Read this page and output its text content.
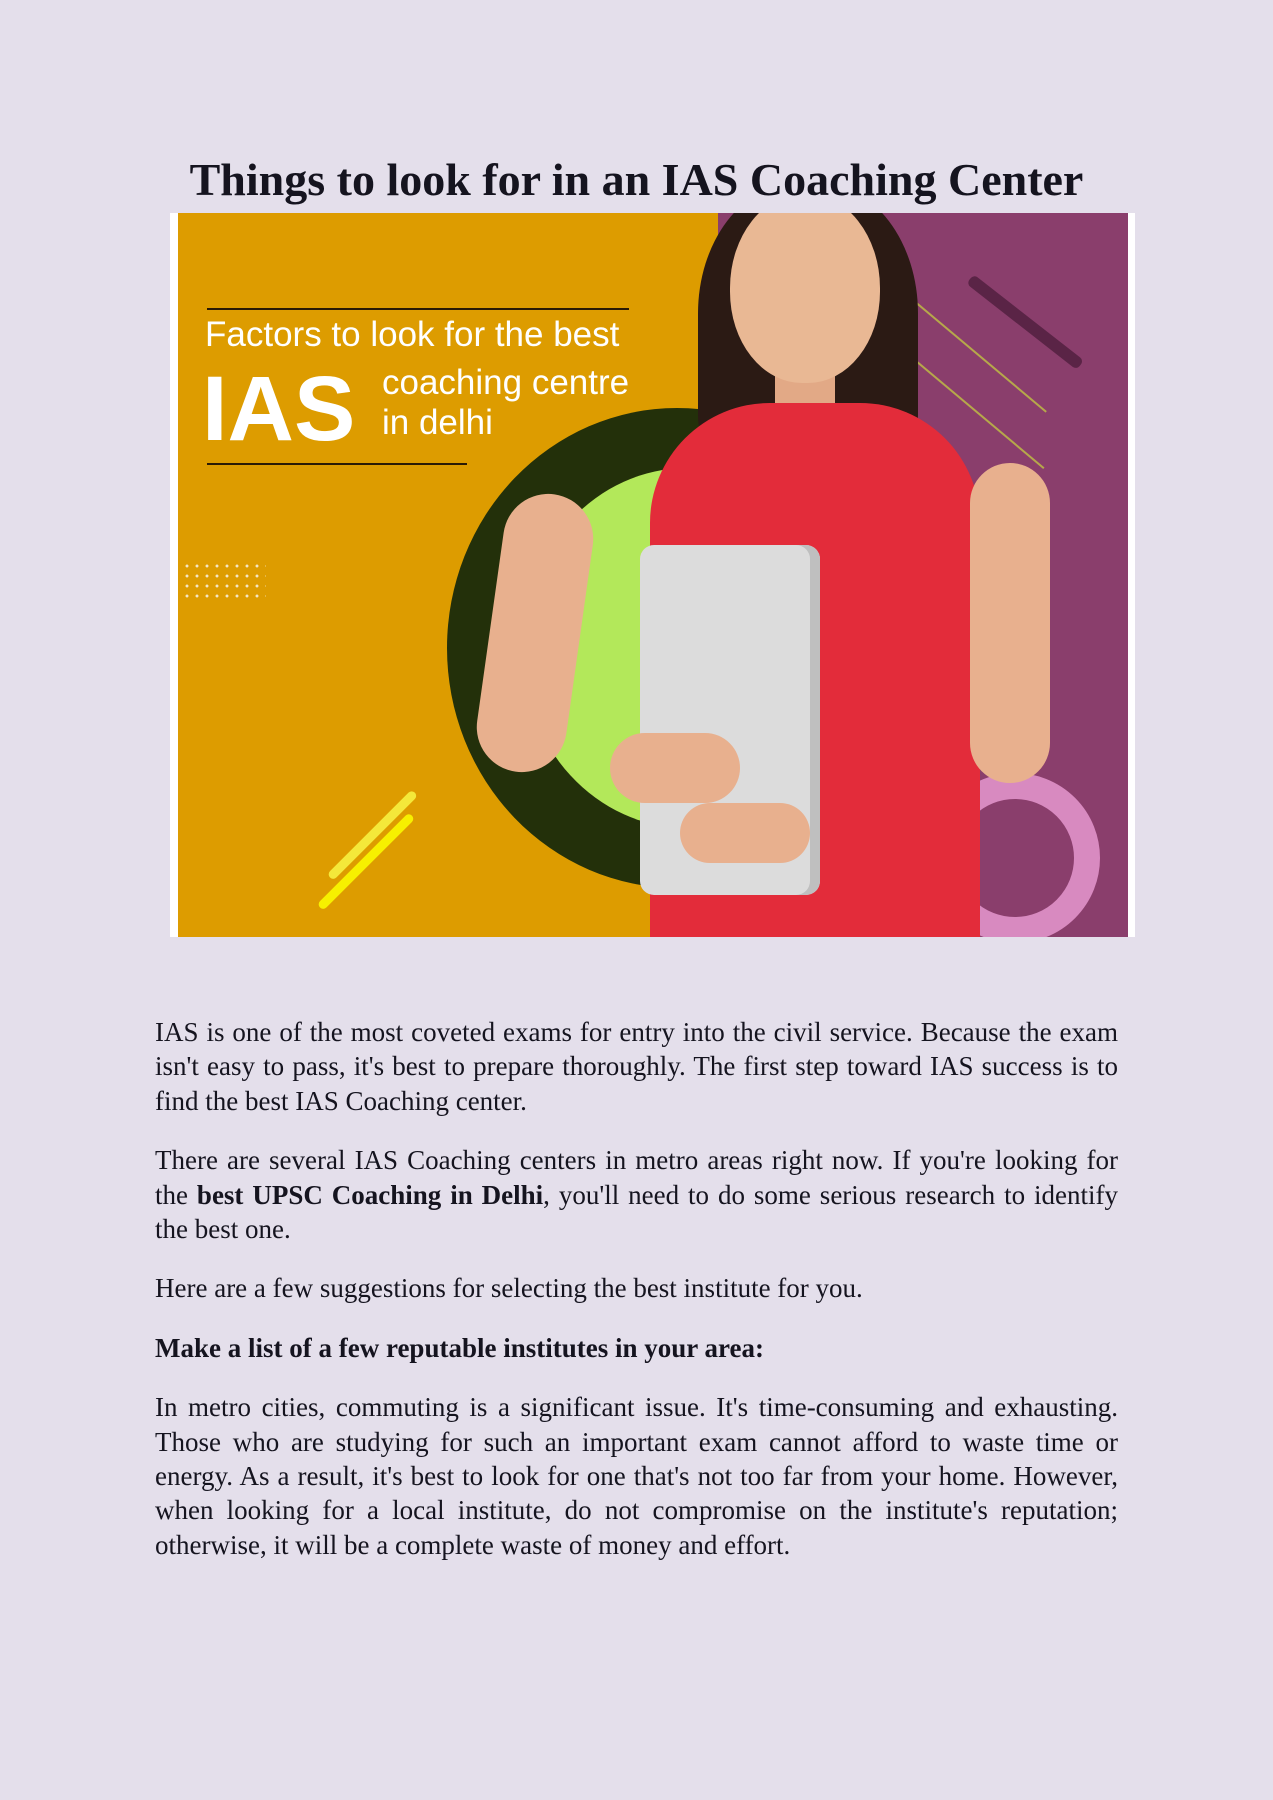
Things to look for in an IAS Coaching Center
Factors to look for the best
IAS coaching centre
in delhi

IAS is one of the most coveted exams for entry into the civil service. Because the exam isn't easy to pass, it's best to prepare thoroughly. The first step toward IAS success is to find the best IAS Coaching center.

There are several IAS Coaching centers in metro areas right now. If you're looking for the best UPSC Coaching in Delhi, you'll need to do some serious research to identify the best one.

Here are a few suggestions for selecting the best institute for you.

Make a list of a few reputable institutes in your area:

In metro cities, commuting is a significant issue. It's time-consuming and exhausting. Those who are studying for such an important exam cannot afford to waste time or energy. As a result, it's best to look for one that's not too far from your home. However, when looking for a local institute, do not compromise on the institute's reputation; otherwise, it will be a complete waste of money and effort.
